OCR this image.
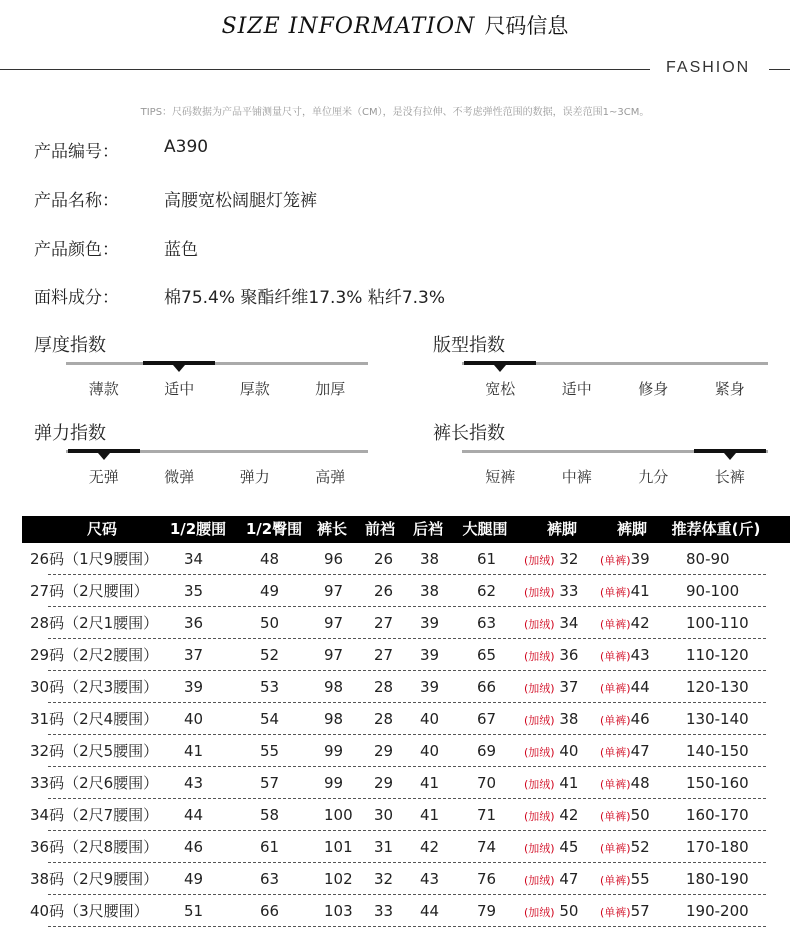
SIZE INFORMATION 尺码信息
FASHION
TIPS：尺码数据为产品平铺测量尺寸，单位厘米（CM），是没有拉伸、不考虑弹性范围的数据，误差范围1~3CM。
产品编号：	A390
产品名称：	高腰宽松阔腿灯笼裤
产品颜色：	蓝色
面料成分：	棉75.4% 聚酯纤维17.3% 粘纤7.3%
厚度指数
薄款	适中	厚款	加厚
版型指数
宽松	适中	修身	紧身
弹力指数
无弹	微弹	弹力	高弹
裤长指数
短裤	中裤	九分	长裤
尺码	1/2腰围	1/2臀围 裤长	前裆	后裆	大腿围	裤脚	裤脚	推荐体重(斤)
26码（1尺9腰围） 34	48	96 26 38	61	(加绒) 32 (单裤)39 80-90
27码（2尺腰围） 35	49	97 26 38	62	(加绒) 33 (单裤)41 90-100
28码（2尺1腰围） 36	50	97 27 39	63	(加绒) 34 (单裤)42 100-110
29码（2尺2腰围） 37	52	97 27 39	65	(加绒) 36 (单裤)43 110-120
30码（2尺3腰围） 39	53	98 28 39	66	(加绒) 37 (单裤)44 120-130
31码（2尺4腰围） 40	54	98 28 40	67	(加绒) 38 (单裤)46 130-140
32码（2尺5腰围） 41	55	99 29 40	69	(加绒) 40 (单裤)47 140-150
33码（2尺6腰围） 43	57	99 29 41	70	(加绒) 41 (单裤)48 150-160
34码（2尺7腰围） 44	58	100 30 41	71	(加绒) 42 (单裤)50 160-170
36码（2尺8腰围） 46	61	101 31 42	74	(加绒) 45 (单裤)52 170-180
38码（2尺9腰围） 49	63	102 32 43	76	(加绒) 47 (单裤)55 180-190
40码（3尺腰围） 51	66	103 33 44	79	(加绒) 50 (单裤)57 190-200
